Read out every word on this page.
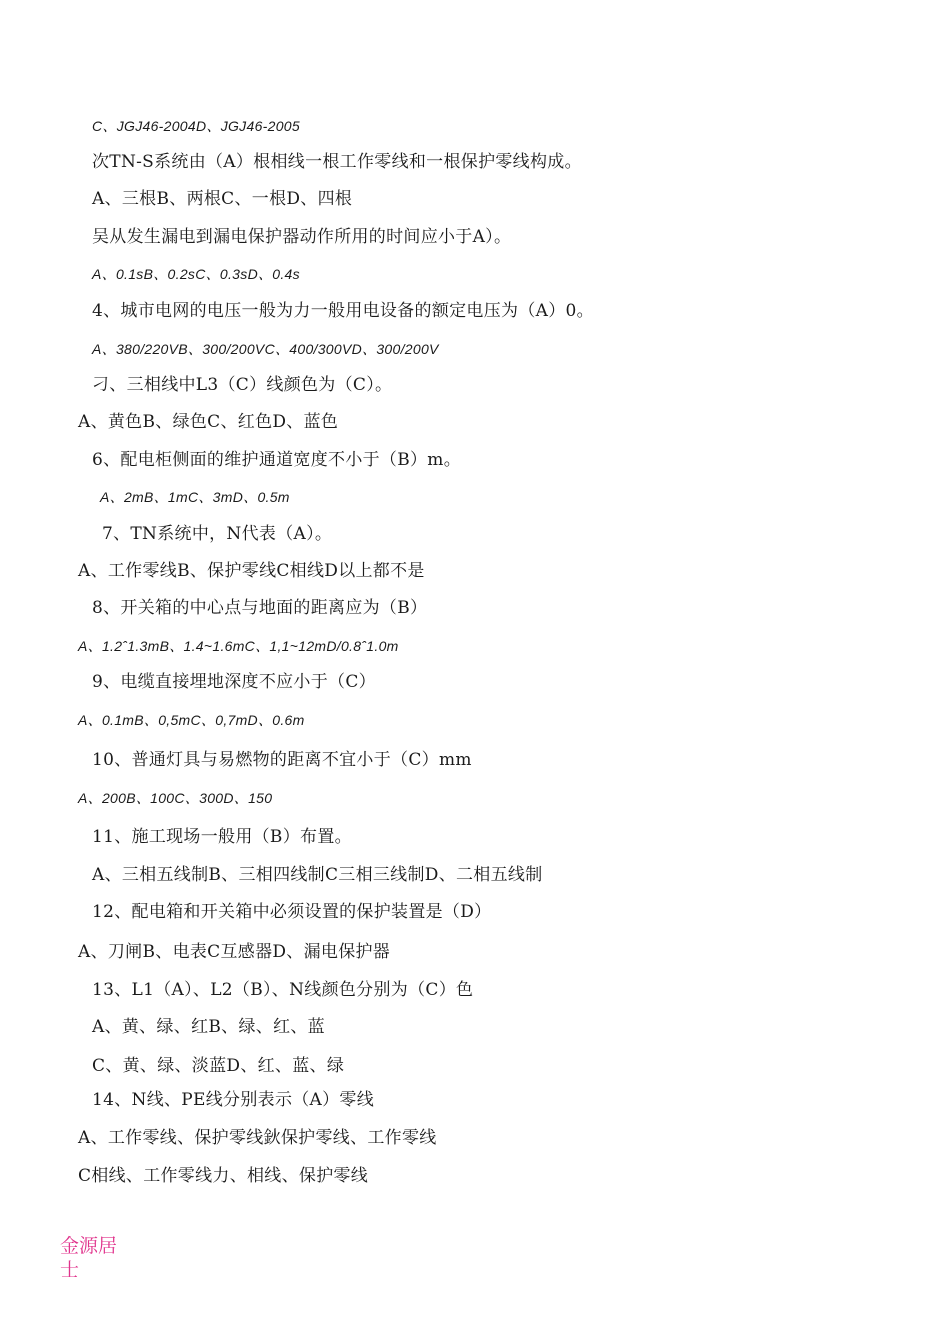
C、JGJ46-2004D、JGJ46-2005
次TN-S系统由（A）根相线一根工作零线和一根保护零线构成。
A、三根B、两根C、一根D、四根
吴从发生漏电到漏电保护器动作所用的时间应小于A）。
A、0.1sB、0.2sC、0.3sD、0.4s
4、城市电网的电压一般为力一般用电设备的额定电压为（A）0。
A、380/220VB、300/200VC、400/300VD、300/200V
刁、三相线中L3（C）线颜色为（C）。
A、黄色B、绿色C、红色D、蓝色
6、配电柜侧面的维护通道宽度不小于（B）m。
A、2mB、1mC、3mD、0.5m
7、TN系统中，N代表（A）。
A、工作零线B、保护零线C相线D以上都不是
8、开关箱的中心点与地面的距离应为（B）
A、1.2ˆ1.3mB、1.4~1.6mC、1,1~12mD/0.8ˆ1.0m
9、电缆直接埋地深度不应小于（C）
A、0.1mB、0,5mC、0,7mD、0.6m
10、普通灯具与易燃物的距离不宜小于（C）mm
A、200B、100C、300D、150
11、施工现场一般用（B）布置。
A、三相五线制B、三相四线制C三相三线制D、二相五线制
12、配电箱和开关箱中必须设置的保护装置是（D）
A、刀闸B、电表C互感器D、漏电保护器
13、L1（A）、L2（B）、N线颜色分别为（C）色
A、黄、绿、红B、绿、红、蓝
C、黄、绿、淡蓝D、红、蓝、绿
14、N线、PE线分别表示（A）零线
A、工作零线、保护零线鈥保护零线、工作零线
C相线、工作零线力、相线、保护零线
金源居士
